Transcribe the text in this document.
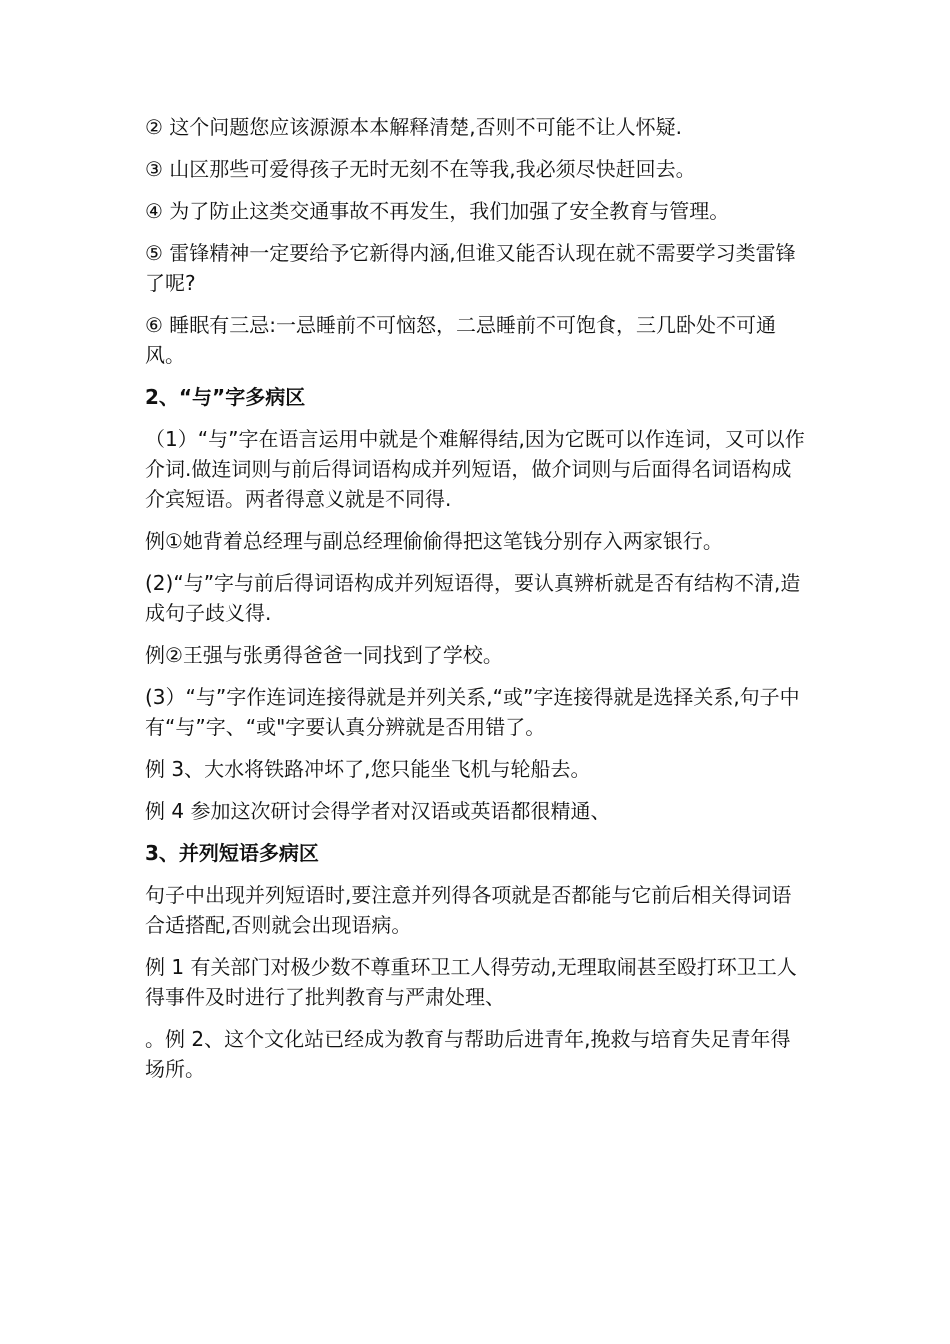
② 这个问题您应该源源本本解释清楚,否则不可能不让人怀疑.

③ 山区那些可爱得孩子无时无刻不在等我,我必须尽快赶回去。

④ 为了防止这类交通事故不再发生，我们加强了安全教育与管理。

⑤ 雷锋精神一定要给予它新得内涵,但谁又能否认现在就不需要学习类雷锋了呢?

⑥ 睡眠有三忌:一忌睡前不可恼怒，二忌睡前不可饱食，三几卧处不可通风。

2、“与”字多病区

（1）“与”字在语言运用中就是个难解得结,因为它既可以作连词，又可以作介词.做连词则与前后得词语构成并列短语，做介词则与后面得名词语构成介宾短语。两者得意义就是不同得.

例①她背着总经理与副总经理偷偷得把这笔钱分别存入两家银行。

(2)“与”字与前后得词语构成并列短语得，要认真辨析就是否有结构不清,造成句子歧义得.

例②王强与张勇得爸爸一同找到了学校。

(3）“与”字作连词连接得就是并列关系,“或”字连接得就是选择关系,句子中有“与”字、“或"字要认真分辨就是否用错了。

例 3、大水将铁路冲坏了,您只能坐飞机与轮船去。

例 4 参加这次研讨会得学者对汉语或英语都很精通、

3、并列短语多病区

句子中出现并列短语时,要注意并列得各项就是否都能与它前后相关得词语合适搭配,否则就会出现语病。

例 1 有关部门对极少数不尊重环卫工人得劳动,无理取闹甚至殴打环卫工人得事件及时进行了批判教育与严肃处理、

。例 2、这个文化站已经成为教育与帮助后进青年,挽救与培育失足青年得 场所。
